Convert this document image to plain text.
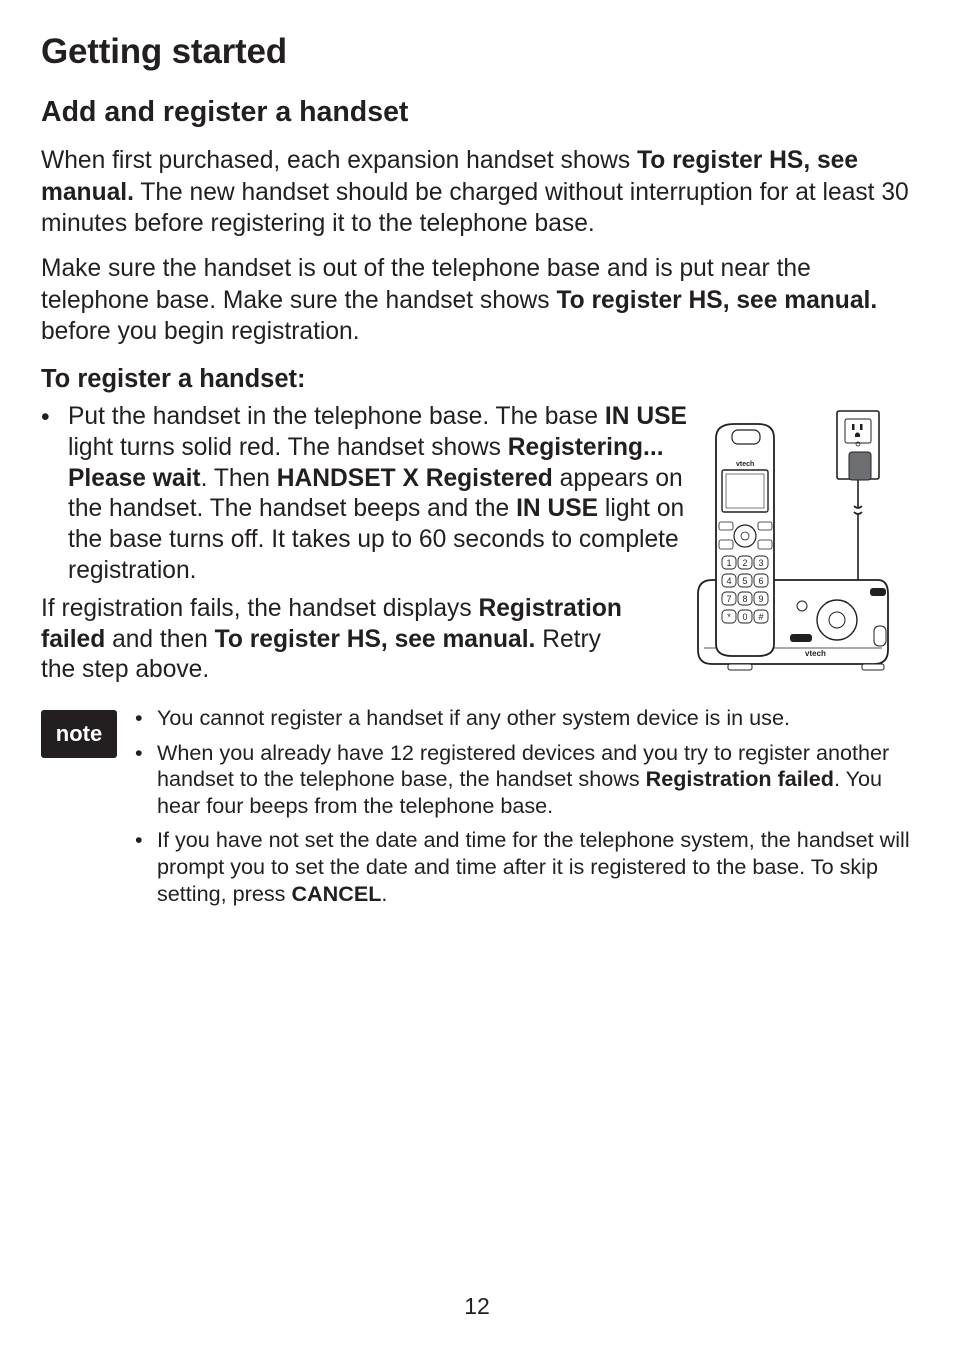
Getting started
Add and register a handset

When first purchased, each expansion handset shows To register HS, see manual. The new handset should be charged without interruption for at least 30 minutes before registering it to the telephone base.

Make sure the handset is out of the telephone base and is put near the telephone base. Make sure the handset shows To register HS, see manual. before you begin registration.

To register a handset:
• Put the handset in the telephone base. The base IN USE light turns solid red. The handset shows Registering... Please wait. Then HANDSET X Registered appears on the handset. The handset beeps and the IN USE light on the base turns off. It takes up to 60 seconds to complete registration.

If registration fails, the handset displays Registration failed and then To register HS, see manual. Retry the step above.

vtech
vtech
1 2 3
4 5 6
7 8 9
* 0 #
note
• You cannot register a handset if any other system device is in use.
• When you already have 12 registered devices and you try to register another handset to the telephone base, the handset shows Registration failed. You hear four beeps from the telephone base.
• If you have not set the date and time for the telephone system, the handset will prompt you to set the date and time after it is registered to the base. To skip setting, press CANCEL.
12
